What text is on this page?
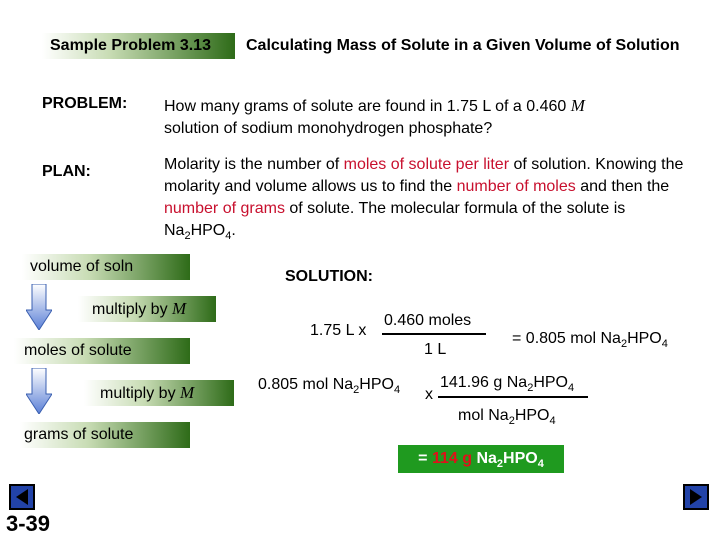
Sample Problem 3.13	Calculating Mass of Solute in a Given Volume of Solution
PROBLEM: How many grams of solute are found in 1.75 L of a 0.460 M
solution of sodium monohydrogen phosphate?
PLAN:	Molarity is the number of moles of solute per liter of solution. Knowing the molarity and volume allows us to find the number of moles and then the number of grams of solute. The molecular formula of the solute is $Na_2HPO_4$.
volume of soln
multiply by M
moles of solute
multiply by M
grams of solute
SOLUTION:
1.75 L x
0.460 moles
1 L
= 0.805 mol $Na_2HPO_4$
0.805 mol $Na_2HPO_4$ x
141.96 g $Na_2HPO_4$
mol $Na_2HPO_4$
= 114 g $Na_2HPO_4$
3-39
